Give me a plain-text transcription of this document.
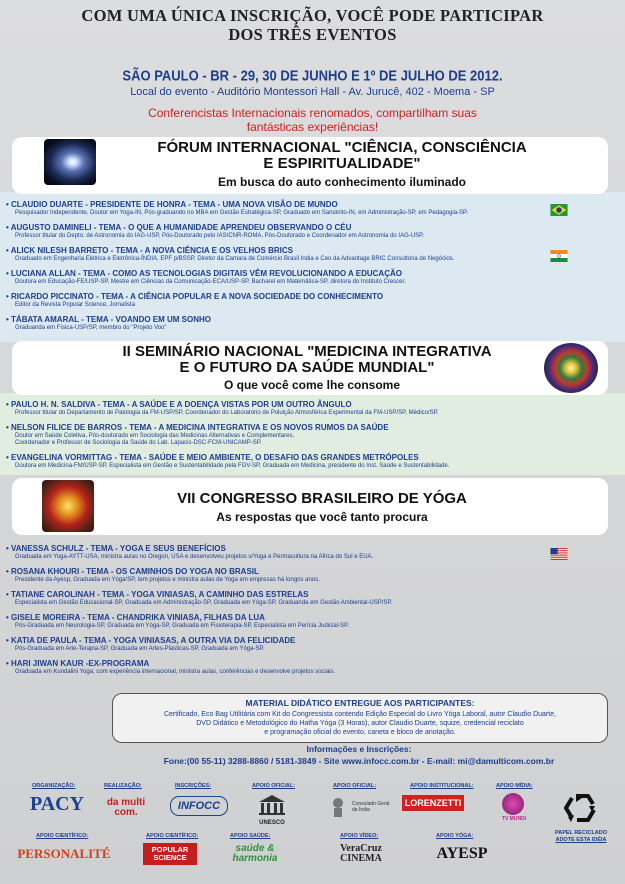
COM UMA ÚNICA INSCRIÇÃO, VOCÊ PODE PARTICIPAR
DOS TRÊS EVENTOS
SÃO PAULO - BR - 29, 30 DE JUNHO E 1º DE JULHO DE 2012.
Local do evento - Auditório Montessori Hall - Av. Jurucê, 402 - Moema - SP
Conferencistas Internacionais renomados, compartilham suas
fantásticas experiências!
FÓRUM INTERNACIONAL "CIÊNCIA, CONSCIÊNCIA
E ESPIRITUALIDADE"
Em busca do auto conhecimento iluminado
• CLAUDIO DUARTE - PRESIDENTE DE HONRA - TEMA - UMA NOVA VISÃO DE MUNDO
Pesquisador Independente, Doutor em Yoga-IN, Pós-graduando no MBA em Gestão Estratégica-SP, Graduado em Sanskrito-IN, em Administração-SP, em Pedagogia-SP.
• AUGUSTO DAMINELI - TEMA - O QUE A HUMANIDADE APRENDEU OBSERVANDO O CÉU
Professor titular do Depto. de Astronomia do IAG-USP, Pós-Doutorado pelo IAS/CNR-ROMA, Pós-Doutorado e Coordenador em Astronomia do IAG-USP.
• ALICK NILESH BARRETO - TEMA - A NOVA CIÊNCIA E OS VELHOS BRICS
Graduado em Engenharia Elétrica e Eletrônica-ÍNDIA, EPF p/BSSP, Diretor da Camara de Comércio Brasil India e Ceo da Advantage BRIC Consultoria de Negócios.
• LUCIANA ALLAN - TEMA - COMO AS TECNOLOGIAS DIGITAIS VÊM REVOLUCIONANDO A EDUCAÇÃO
Doutora em Educação-FE/USP-SP, Mestre em Ciências da Comunicação-ECA/USP-SP, Bacharel em Matemática-SP, diretora do Instituto Crescer.
• RICARDO PICCINATO - TEMA - A CIÊNCIA POPULAR E A NOVA SOCIEDADE DO CONHECIMENTO
Editor da Revista Popular Science, Jornalista
• TÁBATA AMARAL - TEMA - VOANDO EM UM SONHO
Graduanda em Física-USP/SP, membro do "Projeto Voo"
II SEMINÁRIO NACIONAL "MEDICINA INTEGRATIVA
E O FUTURO DA SAÚDE MUNDIAL"
O que você come lhe consome
• PAULO H. N. SALDIVA - TEMA - A SAÚDE E A DOENÇA VISTAS POR UM OUTRO ÂNGULO
Professor titular do Departamento de Patologia da FM-USP/SP, Coordenador do Laboratório de Poluição Atmosférica Experimental da FM-USP/SP, Médico/SP.
• NELSON FILICE DE BARROS - TEMA - A MEDICINA INTEGRATIVA E OS NOVOS RUMOS DA SAÚDE
Doutor em Saúde Coletiva, Pós-doutorado em Sociologia das Medicinas Alternativas e Complementares,
Coordenador e Professor de Sociologia da Saúde do Lab. Lapacis-DSC-FCM-UNICAMP-SP.
• EVANGELINA VORMITTAG - TEMA - SAÚDE E MEIO AMBIENTE, O DESAFIO DAS GRANDES METRÓPOLES
Doutora em Medicina-FM/USP-SP, Especialista em Gestão e Sustentabilidade pela FGV-SP, Graduada em Medicina, presidente do Inst. Saúde e Sustentabilidade.
VII CONGRESSO BRASILEIRO DE YÓGA
As respostas que você tanto procura
• VANESSA SCHULZ - TEMA - YOGA E SEUS BENEFÍCIOS
Graduada em Yoga-AYTT-USA, ministra aulas no Oregon, USA e desenvolveu projetos s/Yoga e Permacultura na Africa do Sul e EUA.
• ROSANA KHOURI - TEMA - OS CAMINHOS DO YOGA NO BRASIL
Presidente da Ayesp, Graduada em Yóga/SP, tem projetos e ministra aulas de Yoga em empresas há longos anos.
• TATIANE CAROLINAH - TEMA - YOGA VINIASAS, A CAMINHO DAS ESTRELAS
Especialista em Gestão Educacional-SP, Graduada em Administração-SP, Graduada em Yóga-SP, Graduanda em Gestão Ambiental-USP/SP.
• GISELE MOREIRA - TEMA - CHANDRIKA VINIASA, FILHAS DA LUA
Pós-Graduada em Neurologia-SP, Graduada em Yóga-SP, Graduada em Fisioterapia-SP, Especialista em Perícia Judicial-SP.
• KATIA DE PAULA - TEMA - YOGA VINIASAS, A OUTRA VIA DA FELICIDADE
Pós-Graduada em Arte-Terapia-SP, Graduada em Artes-Plásticas-SP, Graduada em Yóga-SP.
• HARI JIWAN KAUR -EX-PROGRAMA
Graduada em Kundalini Yoga, com experiência internacional, ministra aulas, conferências e desenvolve projetos sociais.
MATERIAL DIDÁTICO ENTREGUE AOS PARTICIPANTES:
Certificado, Eco Bag Utilitária com Kit do Congressista contendo Edição Especial do Livro Yóga Laboral, autor Claudio Duarte,
DVD Didático e Metodológico do Hatha Yóga (3 Horas), autor Claudio Duarte, squize, credencial reciclato
e programação oficial do evento, caneta e bloco de anotação.
Informações e Inscrições:
Fone:(00 55-11) 3288-8860 / 5181-3849 - Site www.infocc.com.br - E-mail: mi@damulticom.com.br
ORGANIZAÇÃO:
PACY
REALIZAÇÃO:
da multi com.
INSCRIÇÕES:
INFOCC
APOIO OFICIAL:
UNESCO
APOIO OFICIAL:
Consulado Geral da Índia
APOIO INSTITUCIONAL:
LORENZETTI
APOIO MÍDIA:
TV MUNDI
PAPEL RECICLADO
ADOTE ESTA IDÉIA
APOIO CIENTÍFICO:
PERSONALITÉ
APOIO CIENTÍFICO:
POPULAR SCIENCE
APOIO SAÚDE:
saúde & harmonia
APOIO VÍDEO:
VeraCruz CINEMA
APOIO YÓGA:
AYESP
